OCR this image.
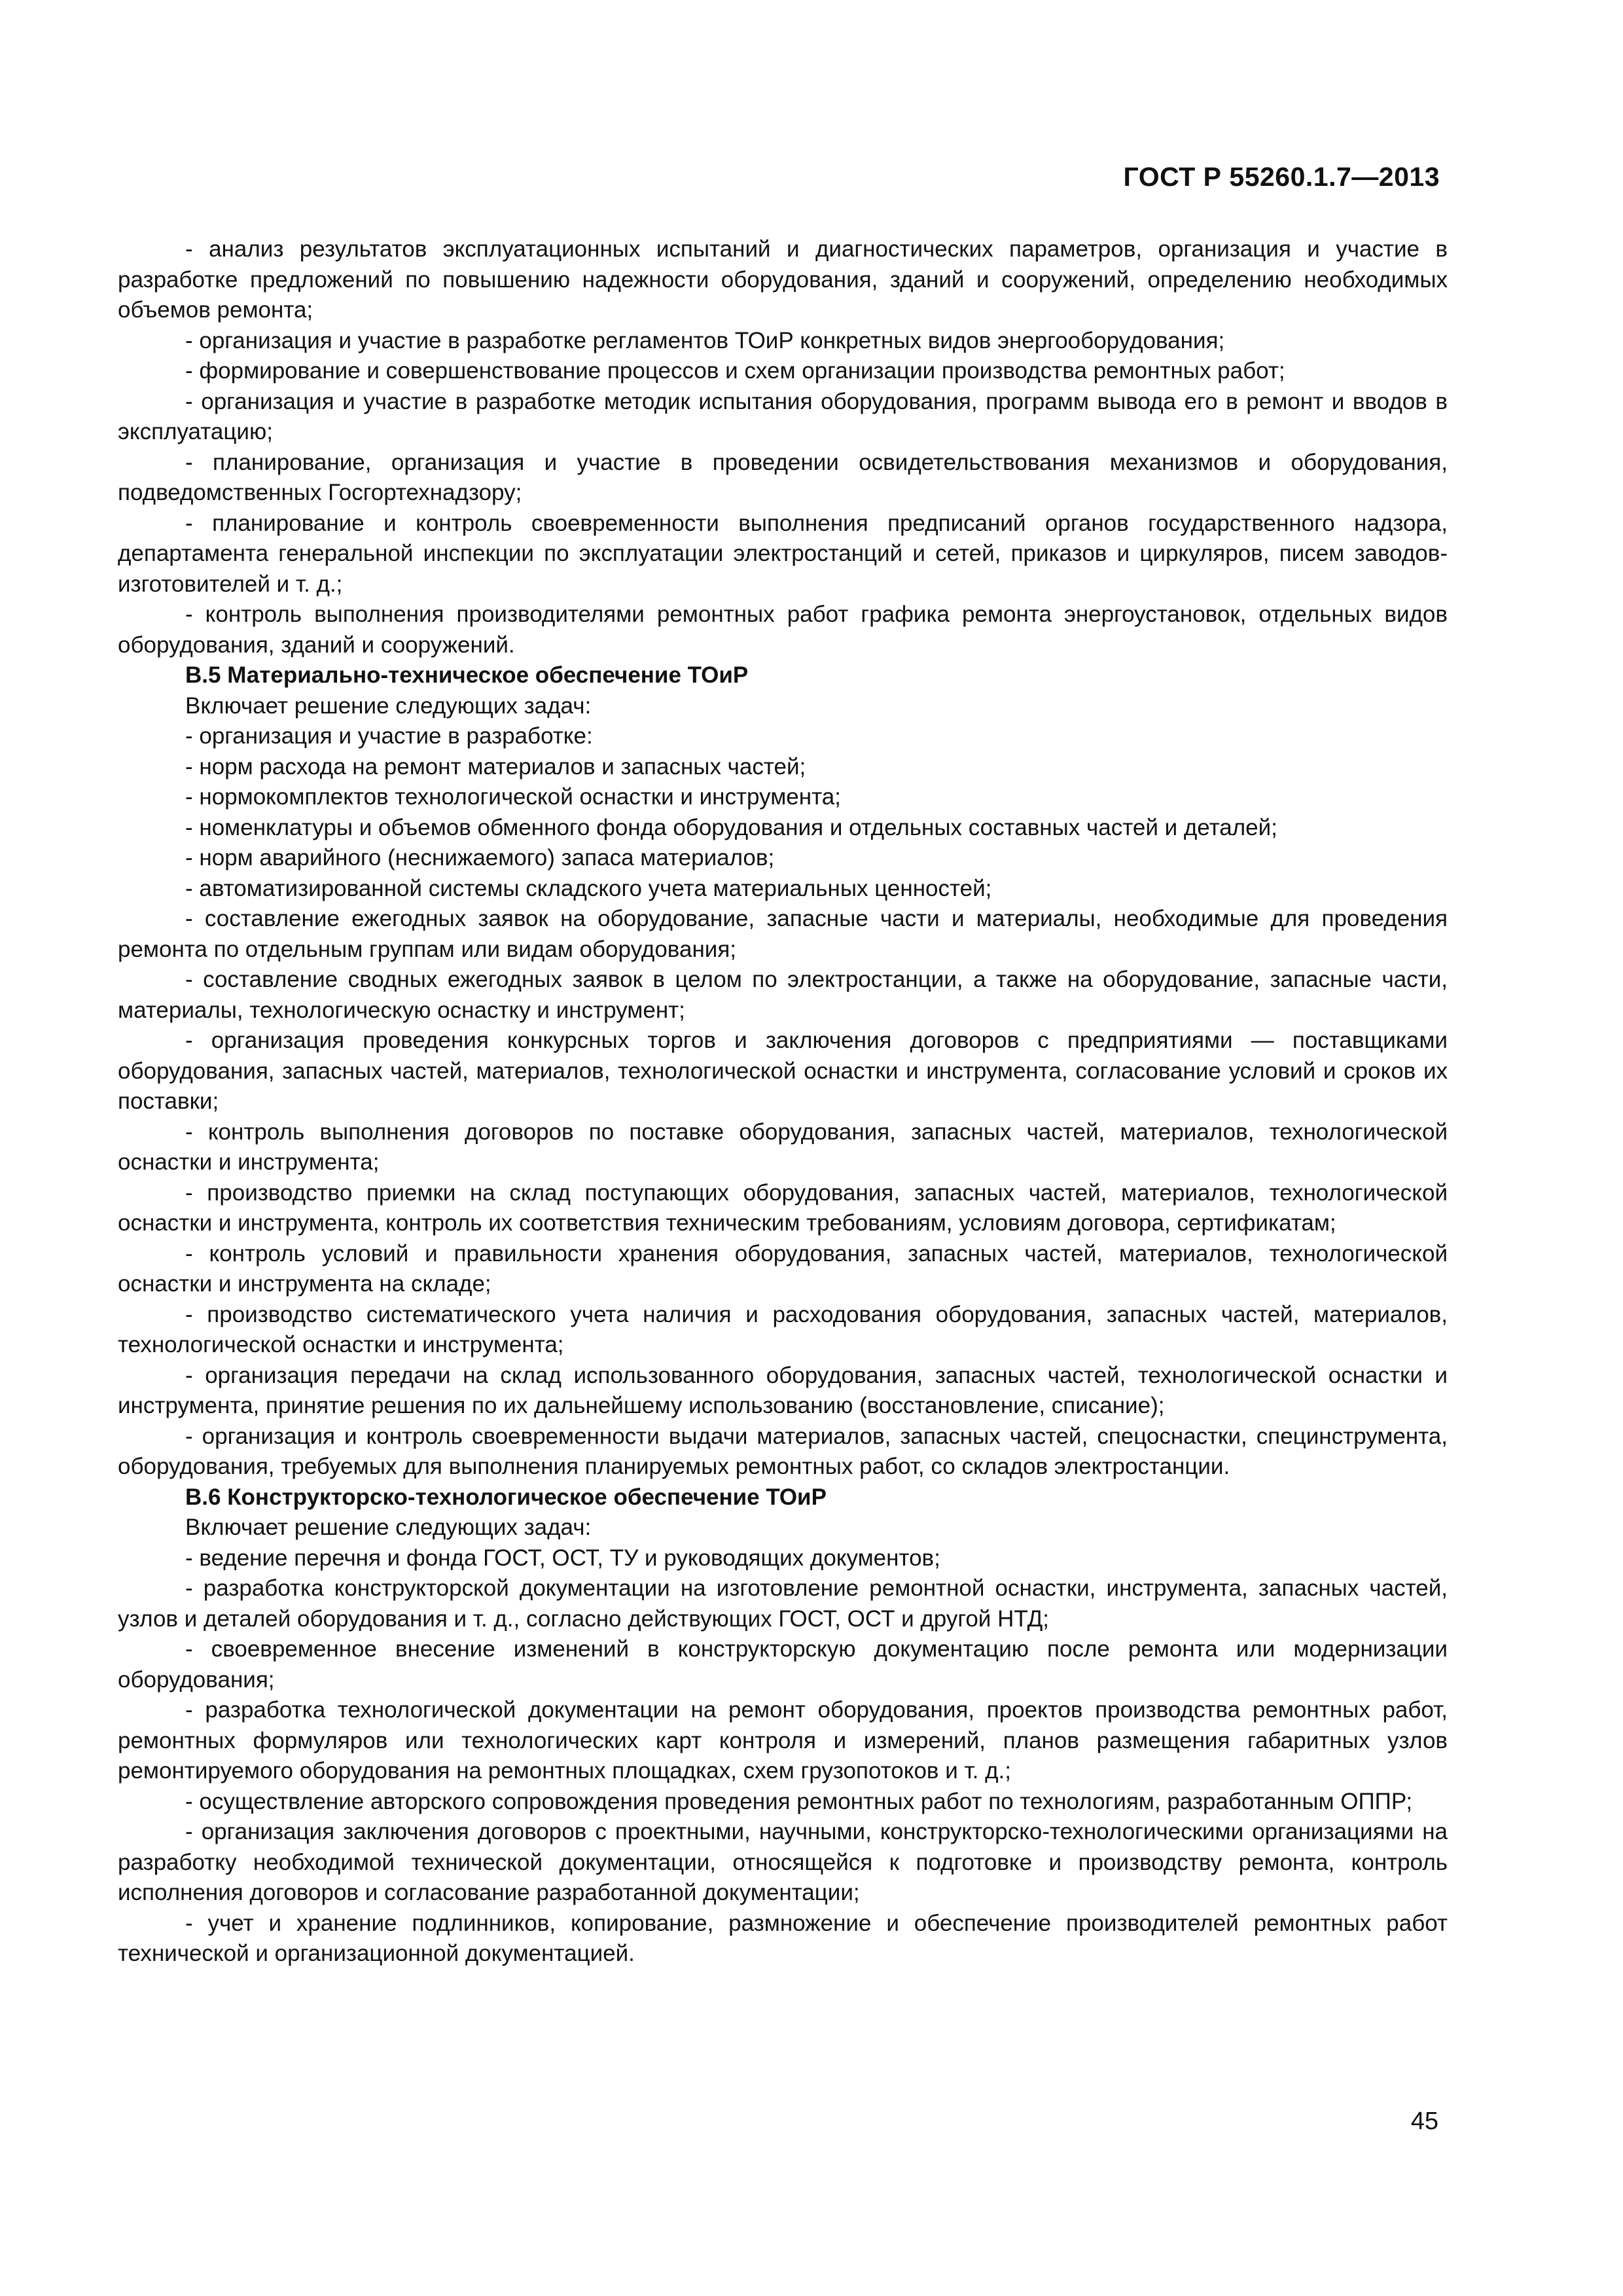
ГОСТ Р 55260.1.7—2013

- анализ результатов эксплуатационных испытаний и диагностических параметров, организация и участие в разработке предложений по повышению надежности оборудования, зданий и сооружений, определению необходимых объемов ремонта;

- организация и участие в разработке регламентов ТОиР конкретных видов энергооборудования;

- формирование и совершенствование процессов и схем организации производства ремонтных работ;

- организация и участие в разработке методик испытания оборудования, программ вывода его в ремонт и вводов в эксплуатацию;

- планирование, организация и участие в проведении освидетельствования механизмов и оборудования, подведомственных Госгортехнадзору;

- планирование и контроль своевременности выполнения предписаний органов государственного надзора, департамента генеральной инспекции по эксплуатации электростанций и сетей, приказов и циркуляров, писем заводов-изготовителей и т. д.;

- контроль выполнения производителями ремонтных работ графика ремонта энергоустановок, отдельных видов оборудования, зданий и сооружений.

В.5 Материально-техническое обеспечение ТОиР

Включает решение следующих задач:

- организация и участие в разработке:

- норм расхода на ремонт материалов и запасных частей;

- нормокомплектов технологической оснастки и инструмента;

- номенклатуры и объемов обменного фонда оборудования и отдельных составных частей и деталей;

- норм аварийного (неснижаемого) запаса материалов;

- автоматизированной системы складского учета материальных ценностей;

- составление ежегодных заявок на оборудование, запасные части и материалы, необходимые для проведения ремонта по отдельным группам или видам оборудования;

- составление сводных ежегодных заявок в целом по электростанции, а также на оборудование, запасные части, материалы, технологическую оснастку и инструмент;

- организация проведения конкурсных торгов и заключения договоров с предприятиями — поставщиками оборудования, запасных частей, материалов, технологической оснастки и инструмента, согласование условий и сроков их поставки;

- контроль выполнения договоров по поставке оборудования, запасных частей, материалов, технологической оснастки и инструмента;

- производство приемки на склад поступающих оборудования, запасных частей, материалов, технологической оснастки и инструмента, контроль их соответствия техническим требованиям, условиям договора, сертификатам;

- контроль условий и правильности хранения оборудования, запасных частей, материалов, технологической оснастки и инструмента на складе;

- производство систематического учета наличия и расходования оборудования, запасных частей, материалов, технологической оснастки и инструмента;

- организация передачи на склад использованного оборудования, запасных частей, технологической оснастки и инструмента, принятие решения по их дальнейшему использованию (восстановление, списание);

- организация и контроль своевременности выдачи материалов, запасных частей, спецоснастки, специнструмента, оборудования, требуемых для выполнения планируемых ремонтных работ, со складов электростанции.

В.6 Конструкторско-технологическое обеспечение ТОиР

Включает решение следующих задач:

- ведение перечня и фонда ГОСТ, ОСТ, ТУ и руководящих документов;

- разработка конструкторской документации на изготовление ремонтной оснастки, инструмента, запасных частей, узлов и деталей оборудования и т. д., согласно действующих ГОСТ, ОСТ и другой НТД;

- своевременное внесение изменений в конструкторскую документацию после ремонта или модернизации оборудования;

- разработка технологической документации на ремонт оборудования, проектов производства ремонтных работ, ремонтных формуляров или технологических карт контроля и измерений, планов размещения габаритных узлов ремонтируемого оборудования на ремонтных площадках, схем грузопотоков и т. д.;

- осуществление авторского сопровождения проведения ремонтных работ по технологиям, разработанным ОППР;

- организация заключения договоров с проектными, научными, конструкторско-технологическими организациями на разработку необходимой технической документации, относящейся к подготовке и производству ремонта, контроль исполнения договоров и согласование разработанной документации;

- учет и хранение подлинников, копирование, размножение и обеспечение производителей ремонтных работ технической и организационной документацией.

45
